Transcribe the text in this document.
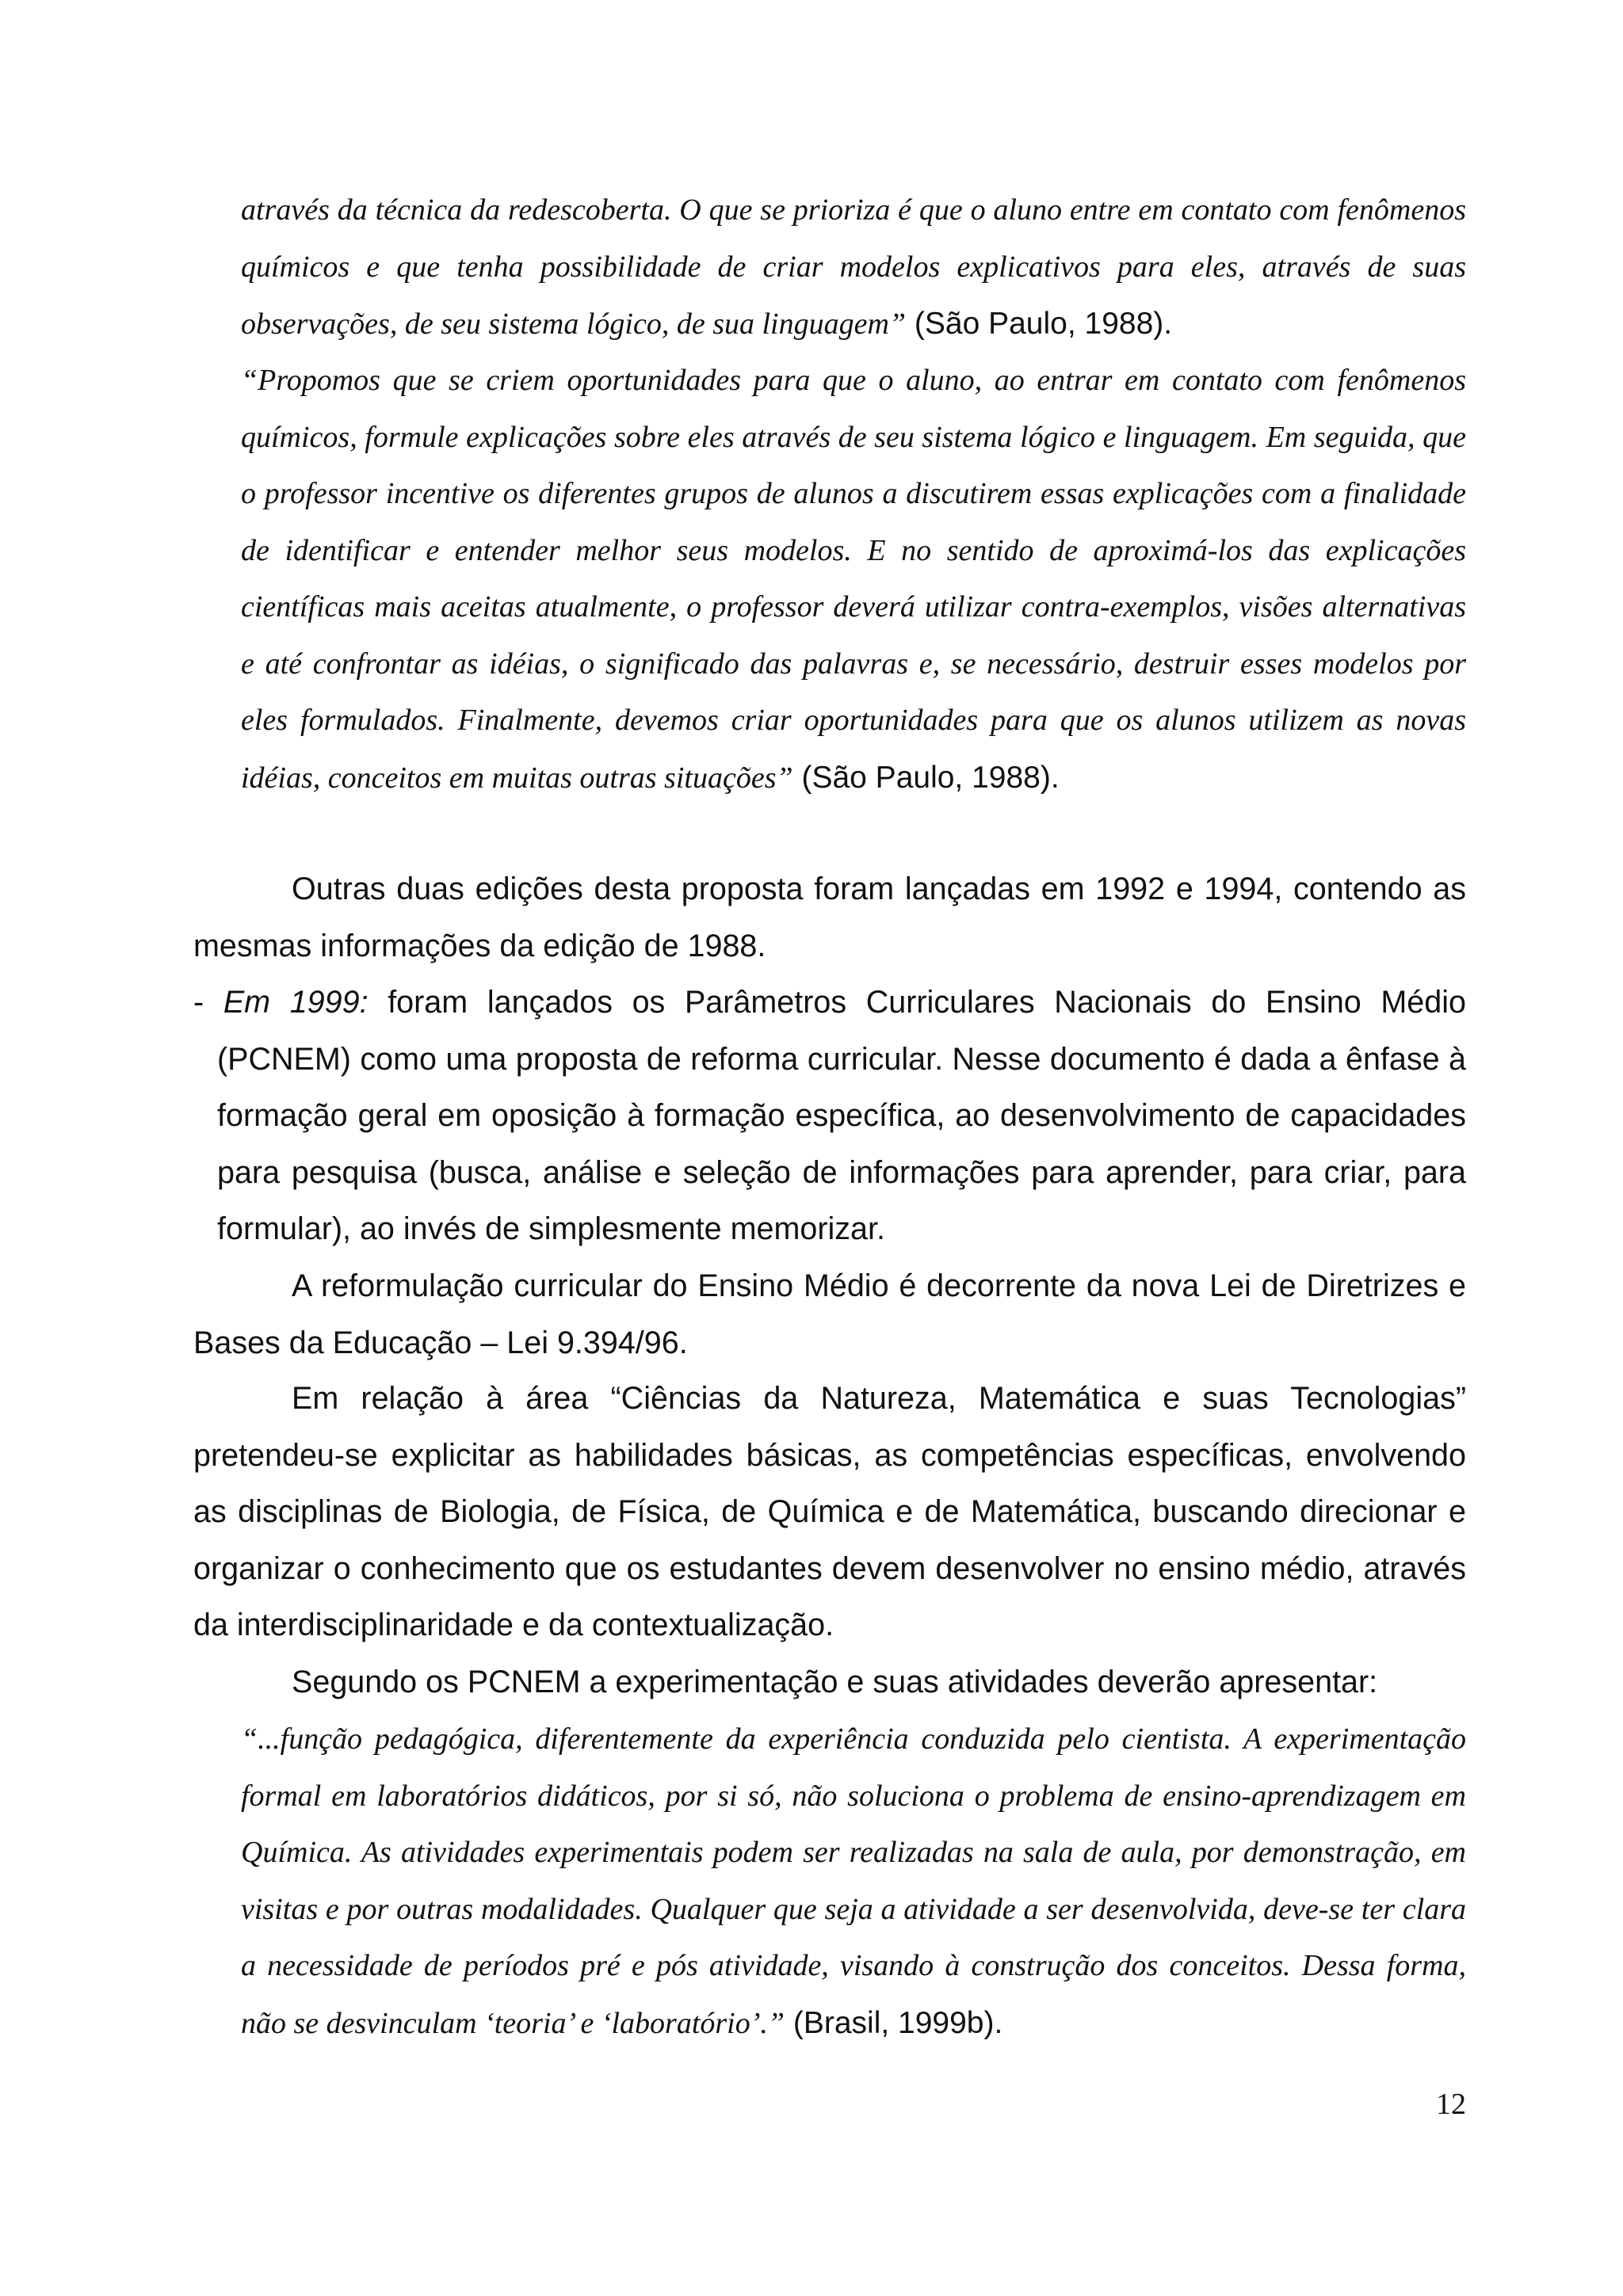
através da técnica da redescoberta. O que se prioriza é que o aluno entre em contato com fenômenos químicos e que tenha possibilidade de criar modelos explicativos para eles, através de suas observações, de seu sistema lógico, de sua linguagem” (São Paulo, 1988).

“Propomos que se criem oportunidades para que o aluno, ao entrar em contato com fenômenos químicos, formule explicações sobre eles através de seu sistema lógico e linguagem. Em seguida, que o professor incentive os diferentes grupos de alunos a discutirem essas explicações com a finalidade de identificar e entender melhor seus modelos. E no sentido de aproximá-los das explicações científicas mais aceitas atualmente, o professor deverá utilizar contra-exemplos, visões alternativas e até confrontar as idéias, o significado das palavras e, se necessário, destruir esses modelos por eles formulados. Finalmente, devemos criar oportunidades para que os alunos utilizem as novas idéias, conceitos em muitas outras situações” (São Paulo, 1988).

Outras duas edições desta proposta foram lançadas em 1992 e 1994, contendo as mesmas informações da edição de 1988.

- Em 1999: foram lançados os Parâmetros Curriculares Nacionais do Ensino Médio (PCNEM) como uma proposta de reforma curricular. Nesse documento é dada a ênfase à formação geral em oposição à formação específica, ao desenvolvimento de capacidades para pesquisa (busca, análise e seleção de informações para aprender, para criar, para formular), ao invés de simplesmente memorizar.

A reformulação curricular do Ensino Médio é decorrente da nova Lei de Diretrizes e Bases da Educação – Lei 9.394/96.

Em relação à área “Ciências da Natureza, Matemática e suas Tecnologias” pretendeu-se explicitar as habilidades básicas, as competências específicas, envolvendo as disciplinas de Biologia, de Física, de Química e de Matemática, buscando direcionar e organizar o conhecimento que os estudantes devem desenvolver no ensino médio, através da interdisciplinaridade e da contextualização.

Segundo os PCNEM a experimentação e suas atividades deverão apresentar:

“...função pedagógica, diferentemente da experiência conduzida pelo cientista. A experimentação formal em laboratórios didáticos, por si só, não soluciona o problema de ensino-aprendizagem em Química. As atividades experimentais podem ser realizadas na sala de aula, por demonstração, em visitas e por outras modalidades. Qualquer que seja a atividade a ser desenvolvida, deve-se ter clara a necessidade de períodos pré e pós atividade, visando à construção dos conceitos. Dessa forma, não se desvinculam ‘teoria’ e ‘laboratório’.” (Brasil, 1999b).

12
